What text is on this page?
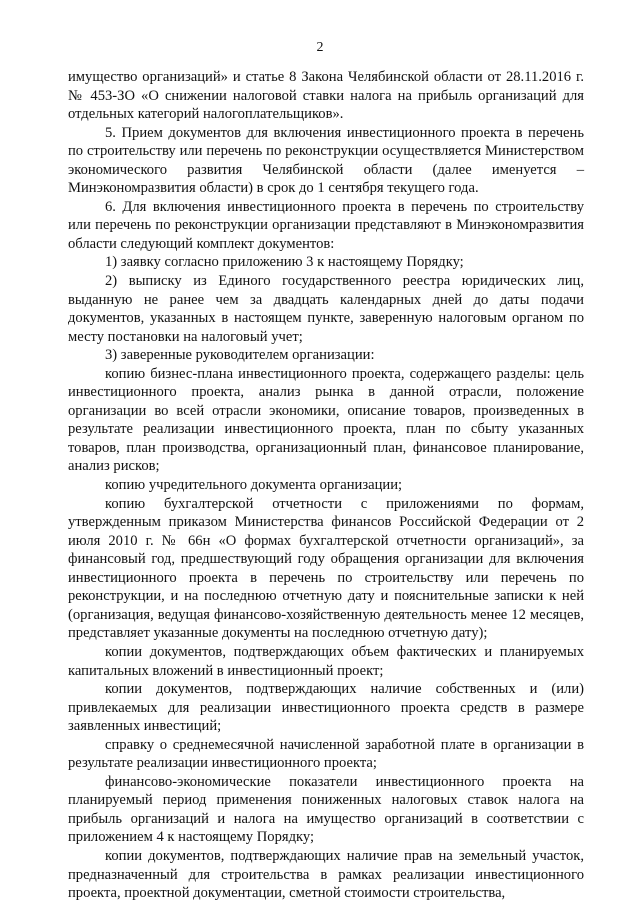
2

имущество организаций» и статье 8 Закона Челябинской области от 28.11.2016 г. № 453-ЗО «О снижении налоговой ставки налога на прибыль организаций для отдельных категорий налогоплательщиков».

5. Прием документов для включения инвестиционного проекта в перечень по строительству или перечень по реконструкции осуществляется Министерством экономического развития Челябинской области (далее именуется – Минэкономразвития области) в срок до 1 сентября текущего года.

6. Для включения инвестиционного проекта в перечень по строительству или перечень по реконструкции организации представляют в Минэкономразвития области следующий комплект документов:

1) заявку согласно приложению 3 к настоящему Порядку;

2) выписку из Единого государственного реестра юридических лиц, выданную не ранее чем за двадцать календарных дней до даты подачи документов, указанных в настоящем пункте, заверенную налоговым органом по месту постановки на налоговый учет;

3) заверенные руководителем организации:

копию бизнес-плана инвестиционного проекта, содержащего разделы: цель инвестиционного проекта, анализ рынка в данной отрасли, положение организации во всей отрасли экономики, описание товаров, произведенных в результате реализации инвестиционного проекта, план по сбыту указанных товаров, план производства, организационный план, финансовое планирование, анализ рисков;

копию учредительного документа организации;

копию бухгалтерской отчетности с приложениями по формам, утвержденным приказом Министерства финансов Российской Федерации от 2 июля 2010 г. № 66н «О формах бухгалтерской отчетности организаций», за финансовый год, предшествующий году обращения организации для включения инвестиционного проекта в перечень по строительству или перечень по реконструкции, и на последнюю отчетную дату и пояснительные записки к ней (организация, ведущая финансово-хозяйственную деятельность менее 12 месяцев, представляет указанные документы на последнюю отчетную дату);

копии документов, подтверждающих объем фактических и планируемых капитальных вложений в инвестиционный проект;

копии документов, подтверждающих наличие собственных и (или) привлекаемых для реализации инвестиционного проекта средств в размере заявленных инвестиций;

справку о среднемесячной начисленной заработной плате в организации в результате реализации инвестиционного проекта;

финансово-экономические показатели инвестиционного проекта на планируемый период применения пониженных налоговых ставок налога на прибыль организаций и налога на имущество организаций в соответствии с приложением 4 к настоящему Порядку;

копии документов, подтверждающих наличие прав на земельный участок, предназначенный для строительства в рамках реализации инвестиционного проекта, проектной документации, сметной стоимости строительства,
